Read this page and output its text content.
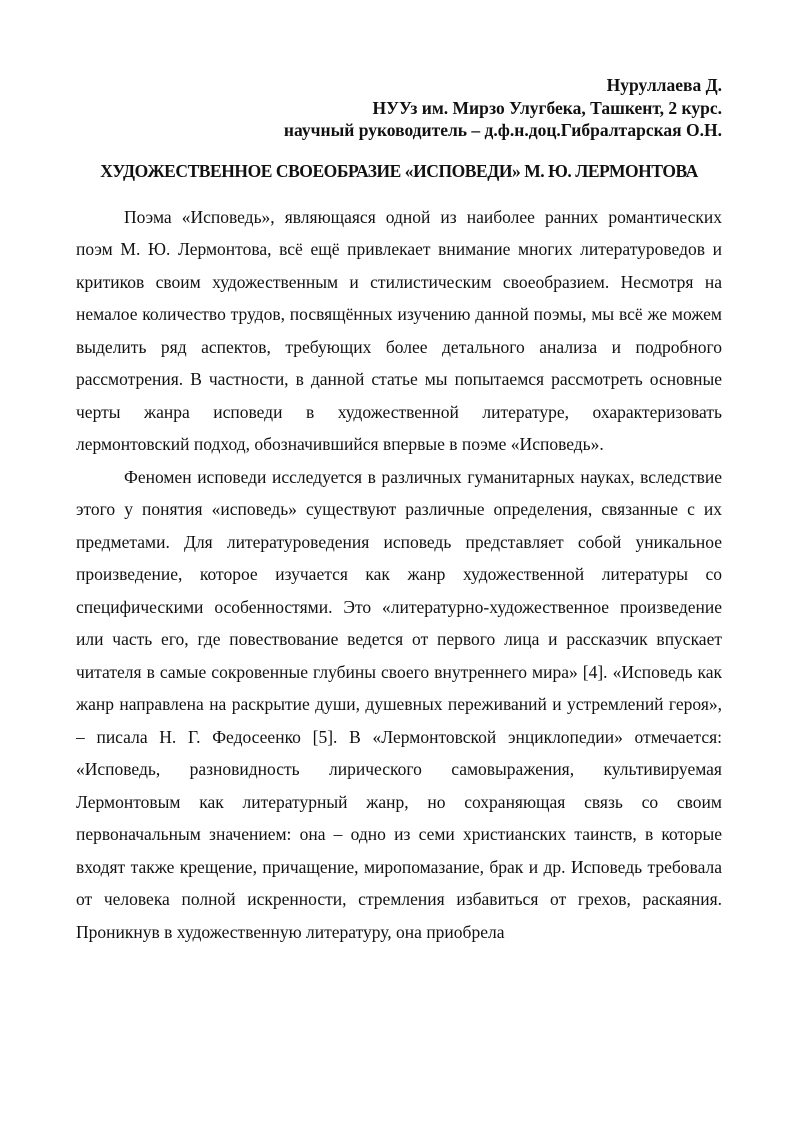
Нуруллаева Д.
НУУз им. Мирзо Улугбека, Ташкент, 2 курс.
научный руководитель – д.ф.н.доц.Гибралтарская О.Н.
ХУДОЖЕСТВЕННОЕ СВОЕОБРАЗИЕ «ИСПОВЕДИ» М. Ю. ЛЕРМОНТОВА

Поэма «Исповедь», являющаяся одной из наиболее ранних романтических поэм М. Ю. Лермонтова, всё ещё привлекает внимание многих литературоведов и критиков своим художественным и стилистическим своеобразием. Несмотря на немалое количество трудов, посвящённых изучению данной поэмы, мы всё же можем выделить ряд аспектов, требующих более детального анализа и подробного рассмотрения. В частности, в данной статье мы попытаемся рассмотреть основные черты жанра исповеди в художественной литературе, охарактеризовать лермонтовский подход, обозначившийся впервые в поэме «Исповедь».

Феномен исповеди исследуется в различных гуманитарных науках, вследствие этого у понятия «исповедь» существуют различные определения, связанные с их предметами. Для литературоведения исповедь представляет собой уникальное произведение, которое изучается как жанр художественной литературы со специфическими особенностями. Это «литературно-художественное произведение или часть его, где повествование ведется от первого лица и рассказчик впускает читателя в самые сокровенные глубины своего внутреннего мира» [4]. «Исповедь как жанр направлена на раскрытие души, душевных переживаний и устремлений героя», – писала Н. Г. Федосеенко [5]. В «Лермонтовской энциклопедии» отмечается: «Исповедь, разновидность лирического самовыражения, культивируемая Лермонтовым как литературный жанр, но сохраняющая связь со своим первоначальным значением: она – одно из семи христианских таинств, в которые входят также крещение, причащение, миропомазание, брак и др. Исповедь требовала от человека полной искренности, стремления избавиться от грехов, раскаяния. Проникнув в художественную литературу, она приобрела
